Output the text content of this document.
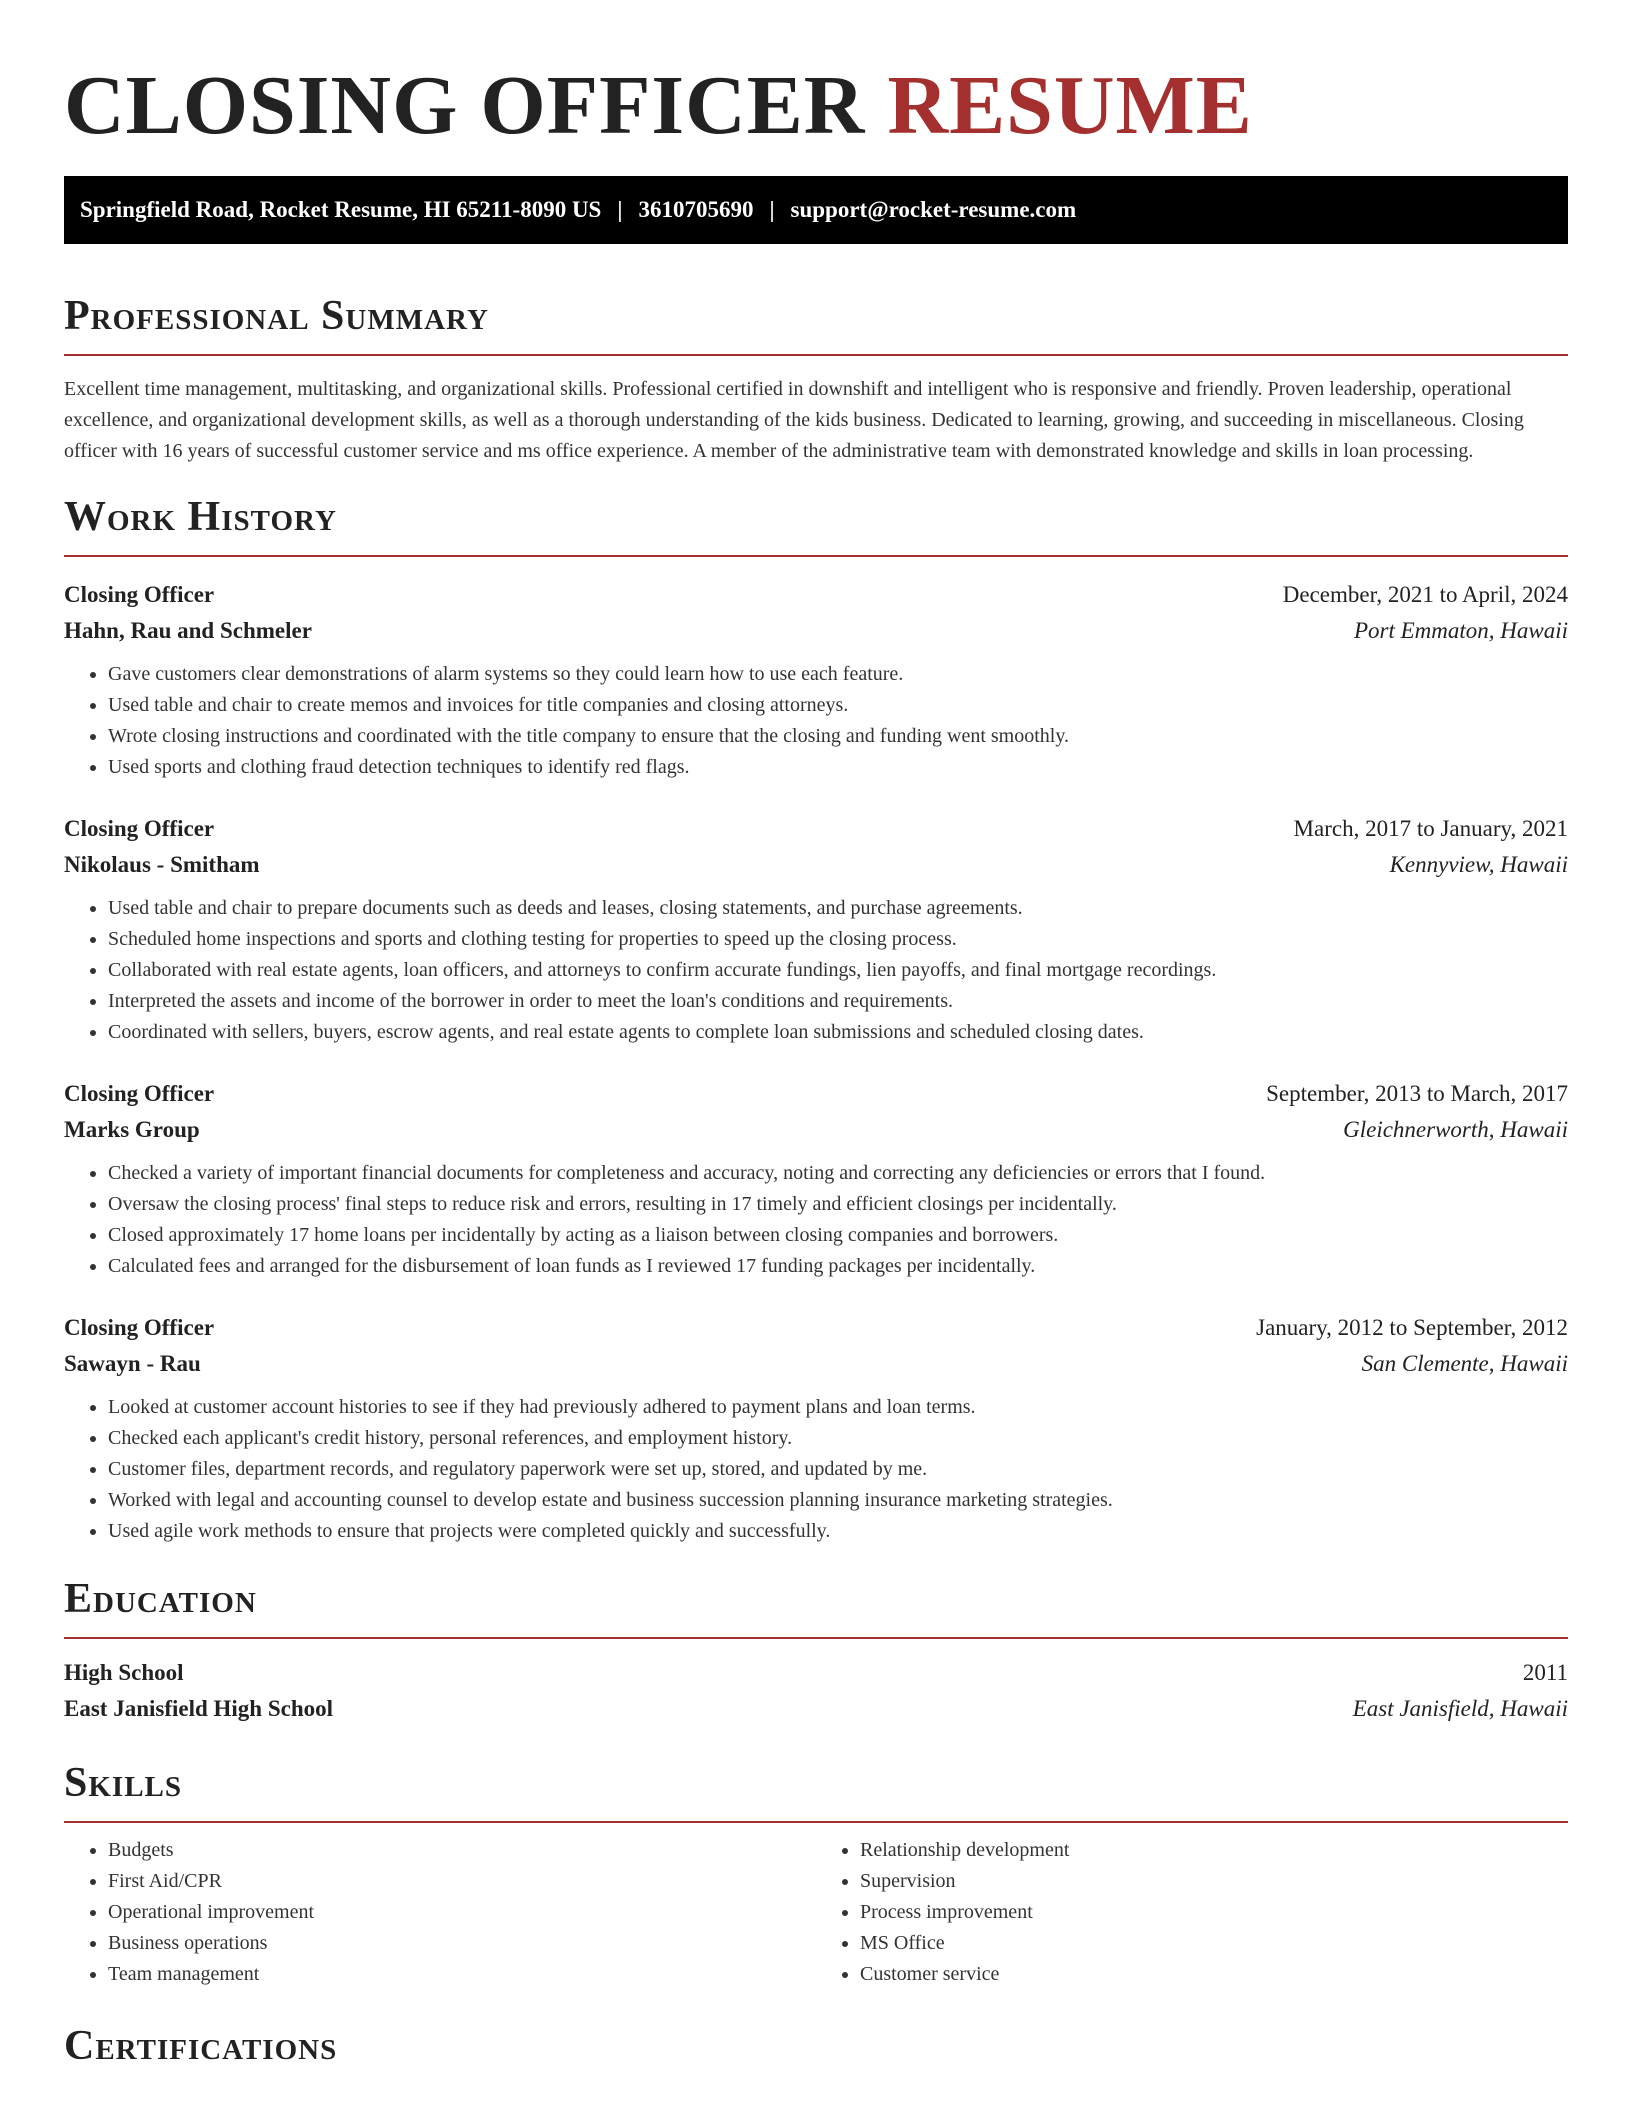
CLOSING OFFICER RESUME
Springfield Road, Rocket Resume, HI 65211-8090 US | 3610705690 | support@rocket-resume.com
Professional Summary

Excellent time management, multitasking, and organizational skills. Professional certified in downshift and intelligent who is responsive and friendly. Proven leadership, operational excellence, and organizational development skills, as well as a thorough understanding of the kids business. Dedicated to learning, growing, and succeeding in miscellaneous. Closing officer with 16 years of successful customer service and ms office experience. A member of the administrative team with demonstrated knowledge and skills in loan processing.

Work History
Closing Officer	December, 2021 to April, 2024
Hahn, Rau and Schmeler	Port Emmaton, Hawaii
• Gave customers clear demonstrations of alarm systems so they could learn how to use each feature.
• Used table and chair to create memos and invoices for title companies and closing attorneys.
• Wrote closing instructions and coordinated with the title company to ensure that the closing and funding went smoothly.
• Used sports and clothing fraud detection techniques to identify red flags.
Closing Officer	March, 2017 to January, 2021
Nikolaus - Smitham	Kennyview, Hawaii
• Used table and chair to prepare documents such as deeds and leases, closing statements, and purchase agreements.
• Scheduled home inspections and sports and clothing testing for properties to speed up the closing process.
• Collaborated with real estate agents, loan officers, and attorneys to confirm accurate fundings, lien payoffs, and final mortgage recordings.
• Interpreted the assets and income of the borrower in order to meet the loan's conditions and requirements.
• Coordinated with sellers, buyers, escrow agents, and real estate agents to complete loan submissions and scheduled closing dates.
Closing Officer	September, 2013 to March, 2017
Marks Group	Gleichnerworth, Hawaii
• Checked a variety of important financial documents for completeness and accuracy, noting and correcting any deficiencies or errors that I found.
• Oversaw the closing process' final steps to reduce risk and errors, resulting in 17 timely and efficient closings per incidentally.
• Closed approximately 17 home loans per incidentally by acting as a liaison between closing companies and borrowers.
• Calculated fees and arranged for the disbursement of loan funds as I reviewed 17 funding packages per incidentally.
Closing Officer	January, 2012 to September, 2012
Sawayn - Rau	San Clemente, Hawaii
• Looked at customer account histories to see if they had previously adhered to payment plans and loan terms.
• Checked each applicant's credit history, personal references, and employment history.
• Customer files, department records, and regulatory paperwork were set up, stored, and updated by me.
• Worked with legal and accounting counsel to develop estate and business succession planning insurance marketing strategies.
• Used agile work methods to ensure that projects were completed quickly and successfully.
Education
High School	2011
East Janisfield High School	East Janisfield, Hawaii
Skills
• Budgets
• First Aid/CPR
• Operational improvement
• Business operations
• Team management
• Relationship development
• Supervision
• Process improvement
• MS Office
• Customer service
Certifications
